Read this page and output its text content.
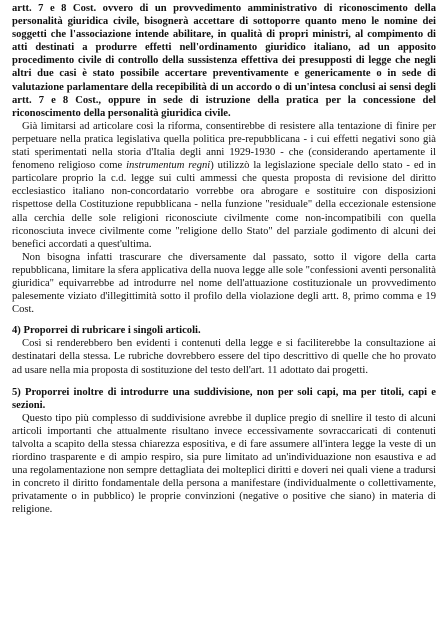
artt. 7 e 8 Cost. ovvero di un provvedimento amministrativo di riconoscimento della personalità giuridica civile, bisognerà accettare di sottoporre quanto meno le nomine dei soggetti che l'associazione intende abilitare, in qualità di propri ministri, al compimento di atti destinati a produrre effetti nell'ordinamento giuridico italiano, ad un apposito procedimento civile di controllo della sussistenza effettiva dei presupposti di legge che negli altri due casi è stato possibile accertare preventivamente e genericamente o in sede di valutazione parlamentare della recepibilità di un accordo o di un'intesa conclusi ai sensi degli artt. 7 e 8 Cost., oppure in sede di istruzione della pratica per la concessione del riconoscimento della personalità giuridica civile.

Già limitarsi ad articolare così la riforma, consentirebbe di resistere alla tentazione di finire per perpetuare nella pratica legislativa quella politica pre-repubblicana - i cui effetti negativi sono già stati sperimentati nella storia d'Italia degli anni 1929-1930 - che (considerando apertamente il fenomeno religioso come instrumentum regni) utilizzò la legislazione speciale dello stato - ed in particolare proprio la c.d. legge sui culti ammessi che questa proposta di revisione del diritto ecclesiastico italiano non-concordatario vorrebbe ora abrogare e sostituire con disposizioni rispettose della Costituzione repubblicana - nella funzione "residuale" della eccezionale estensione alla cerchia delle sole religioni riconosciute civilmente come non-incompatibili con quella riconosciuta invece civilmente come "religione dello Stato" del parziale godimento di alcuni dei benefici accordati a quest'ultima.

Non bisogna infatti trascurare che diversamente dal passato, sotto il vigore della carta repubblicana, limitare la sfera applicativa della nuova legge alle sole "confessioni aventi personalità giuridica" equivarrebbe ad introdurre nel nome dell'attuazione costituzionale un provvedimento palesemente viziato d'illegittimità sotto il profilo della violazione degli artt. 8, primo comma e 19 Cost.

4) Proporrei di rubricare i singoli articoli.

Così si renderebbero ben evidenti i contenuti della legge e si faciliterebbe la consultazione ai destinatari della stessa. Le rubriche dovrebbero essere del tipo descrittivo di quelle che ho provato ad usare nella mia proposta di sostituzione del testo dell'art. 11 adottato dai progetti.

5) Proporrei inoltre di introdurre una suddivisione, non per soli capi, ma per titoli, capi e sezioni.

Questo tipo più complesso di suddivisione avrebbe il duplice pregio di snellire il testo di alcuni articoli importanti che attualmente risultano invece eccessivamente sovraccaricati di contenuti talvolta a scapito della stessa chiarezza espositiva, e di fare assumere all'intera legge la veste di un riordino trasparente e di ampio respiro, sia pure limitato ad un'individuazione non esaustiva e ad una regolamentazione non sempre dettagliata dei molteplici diritti e doveri nei quali viene a tradursi in concreto il diritto fondamentale della persona a manifestare (individualmente o collettivamente, privatamente o in pubblico) le proprie convinzioni (negative o positive che siano) in materia di religione.
